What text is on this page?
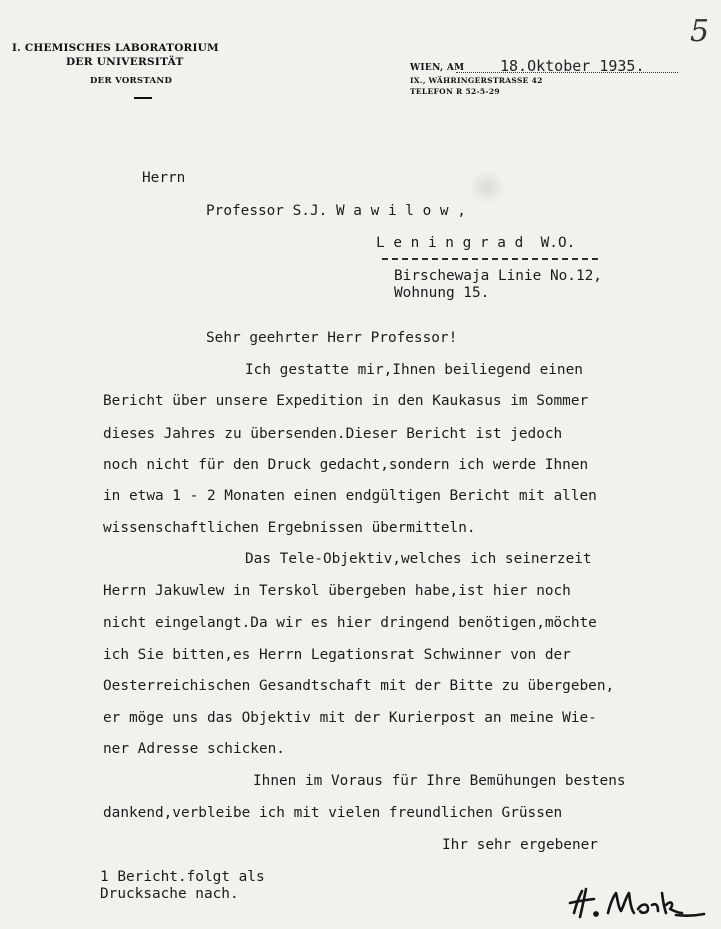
I. CHEMISCHES LABORATORIUM
DER UNIVERSITÄT
DER VORSTAND
WIEN, AM 18.Oktober 1935.
IX., WÄHRINGERSTRASSE 42
TELEFON R 52-5-29
5
Herrn
Professor S.J. W a w i l o w ,
L e n i n g r a d  W.O.
Birschewaja Linie No.12,
Wohnung 15.
Sehr geehrter Herr Professor!
Ich gestatte mir,Ihnen beiliegend einen
Bericht über unsere Expedition in den Kaukasus im Sommer
dieses Jahres zu übersenden.Dieser Bericht ist jedoch
noch nicht für den Druck gedacht,sondern ich werde Ihnen
in etwa 1 - 2 Monaten einen endgültigen Bericht mit allen
wissenschaftlichen Ergebnissen übermitteln.
Das Tele-Objektiv,welches ich seinerzeit
Herrn Jakuwlew in Terskol übergeben habe,ist hier noch
nicht eingelangt.Da wir es hier dringend benötigen,möchte
ich Sie bitten,es Herrn Legationsrat Schwinner von der
Oesterreichischen Gesandtschaft mit der Bitte zu übergeben,
er möge uns das Objektiv mit der Kurierpost an meine Wie-
ner Adresse schicken.
Ihnen im Voraus für Ihre Bemühungen bestens
dankend,verbleibe ich mit vielen freundlichen Grüssen
Ihr sehr ergebener
1 Bericht.folgt als
Drucksache nach.
